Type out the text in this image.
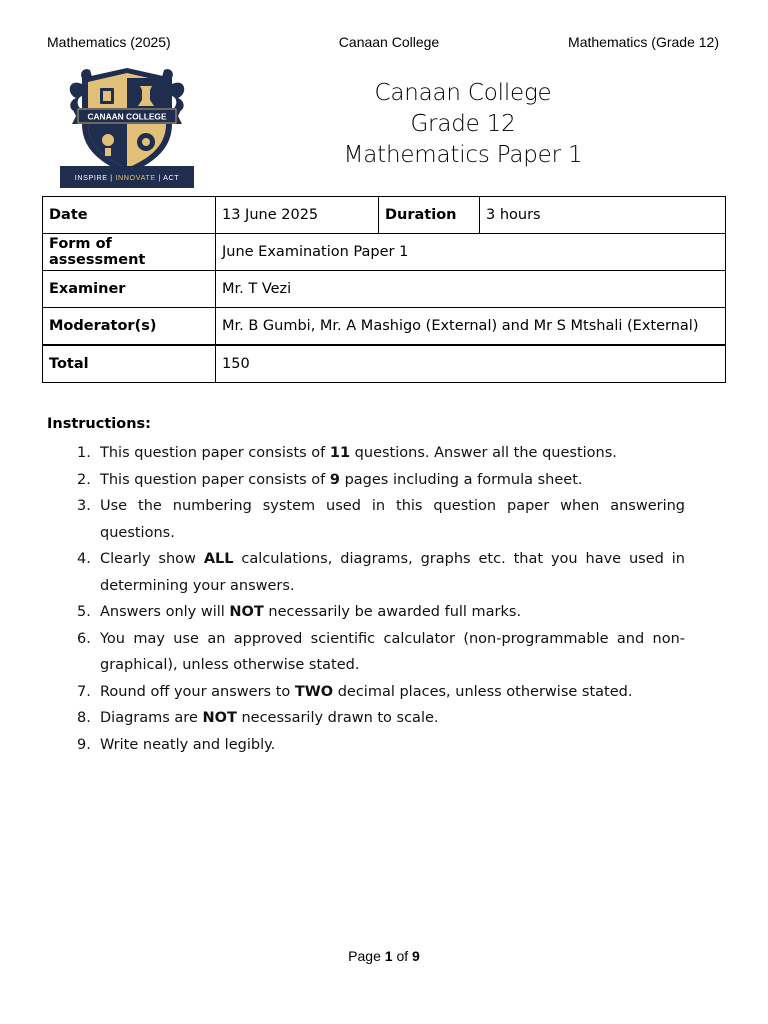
Mathematics (2025)	Canaan College	Mathematics (Grade 12)
CANAAN COLLEGE
INSPIRE | INNOVATE | ACT
Canaan College
Grade 12
Mathematics Paper 1
Date	13 June 2025	Duration	3 hours
Form of assessment	June Examination Paper 1		
Examiner	Mr. T Vezi		
Moderator(s)	Mr. B Gumbi, Mr. A Mashigo (External) and Mr S Mtshali (External)		
Total	150		
Instructions:
1. This question paper consists of 11 questions. Answer all the questions.
2. This question paper consists of 9 pages including a formula sheet.
3. Use the numbering system used in this question paper when answering questions.
4. Clearly show ALL calculations, diagrams, graphs etc. that you have used in determining your answers.
5. Answers only will NOT necessarily be awarded full marks.
6. You may use an approved scientific calculator (non-programmable and non-graphical), unless otherwise stated.
7. Round off your answers to TWO decimal places, unless otherwise stated.
8. Diagrams are NOT necessarily drawn to scale.
9. Write neatly and legibly.
Page 1 of 9
